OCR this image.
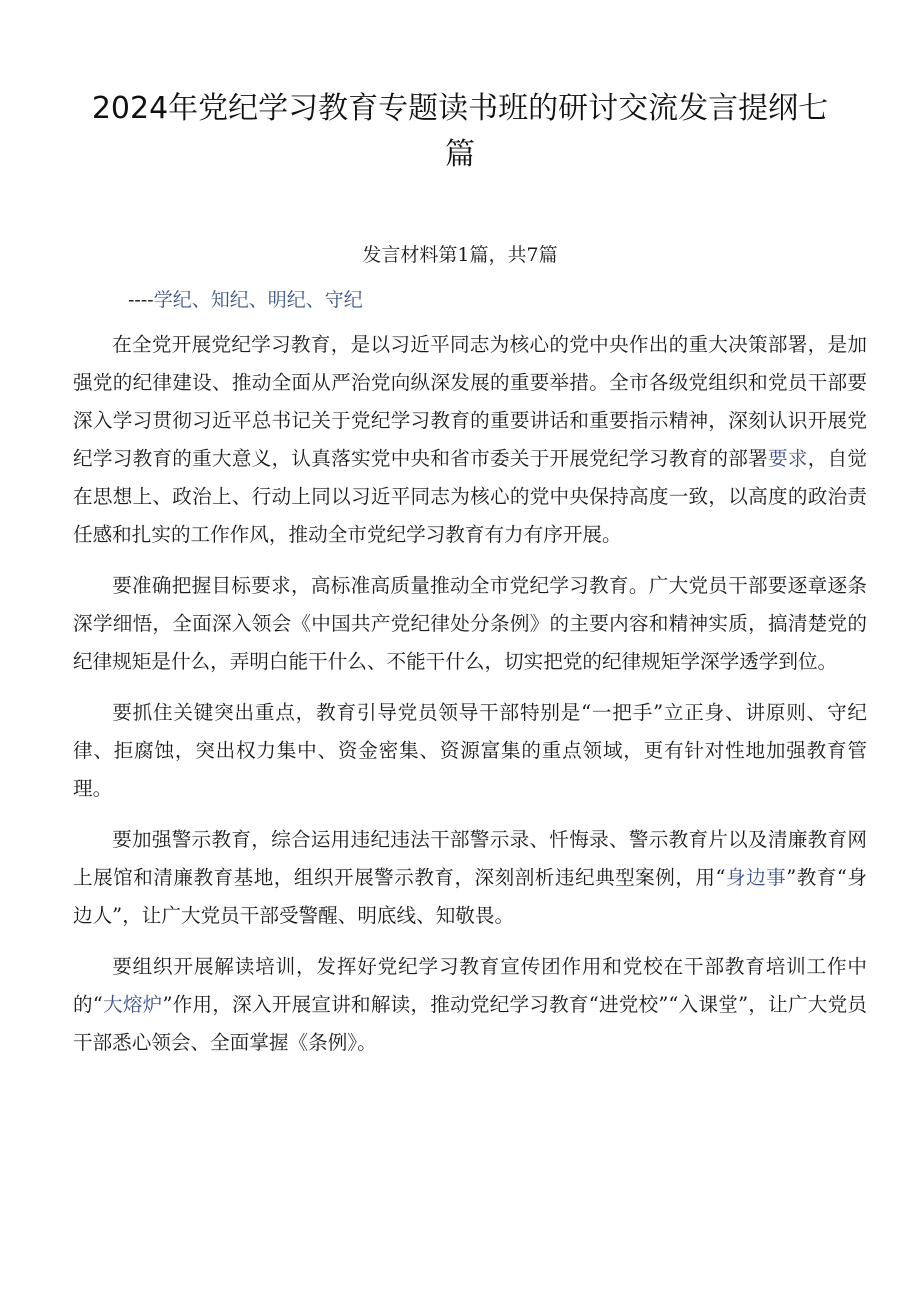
2024年党纪学习教育专题读书班的研讨交流发言提纲七篇
发言材料第1篇，共7篇
----学纪、知纪、明纪、守纪

在全党开展党纪学习教育，是以习近平同志为核心的党中央作出的重大决策部署，是加强党的纪律建设、推动全面从严治党向纵深发展的重要举措。全市各级党组织和党员干部要深入学习贯彻习近平总书记关于党纪学习教育的重要讲话和重要指示精神，深刻认识开展党纪学习教育的重大意义，认真落实党中央和省市委关于开展党纪学习教育的部署要求，自觉在思想上、政治上、行动上同以习近平同志为核心的党中央保持高度一致，以高度的政治责任感和扎实的工作作风，推动全市党纪学习教育有力有序开展。

要准确把握目标要求，高标准高质量推动全市党纪学习教育。广大党员干部要逐章逐条深学细悟，全面深入领会《中国共产党纪律处分条例》的主要内容和精神实质，搞清楚党的纪律规矩是什么，弄明白能干什么、不能干什么，切实把党的纪律规矩学深学透学到位。

要抓住关键突出重点，教育引导党员领导干部特别是“一把手”立正身、讲原则、守纪律、拒腐蚀，突出权力集中、资金密集、资源富集的重点领域，更有针对性地加强教育管理。

要加强警示教育，综合运用违纪违法干部警示录、忏悔录、警示教育片以及清廉教育网上展馆和清廉教育基地，组织开展警示教育，深刻剖析违纪典型案例，用“身边事”教育“身边人”，让广大党员干部受警醒、明底线、知敬畏。

要组织开展解读培训，发挥好党纪学习教育宣传团作用和党校在干部教育培训工作中的“大熔炉”作用，深入开展宣讲和解读，推动党纪学习教育“进党校”“入课堂”，让广大党员干部悉心领会、全面掌握《条例》。
